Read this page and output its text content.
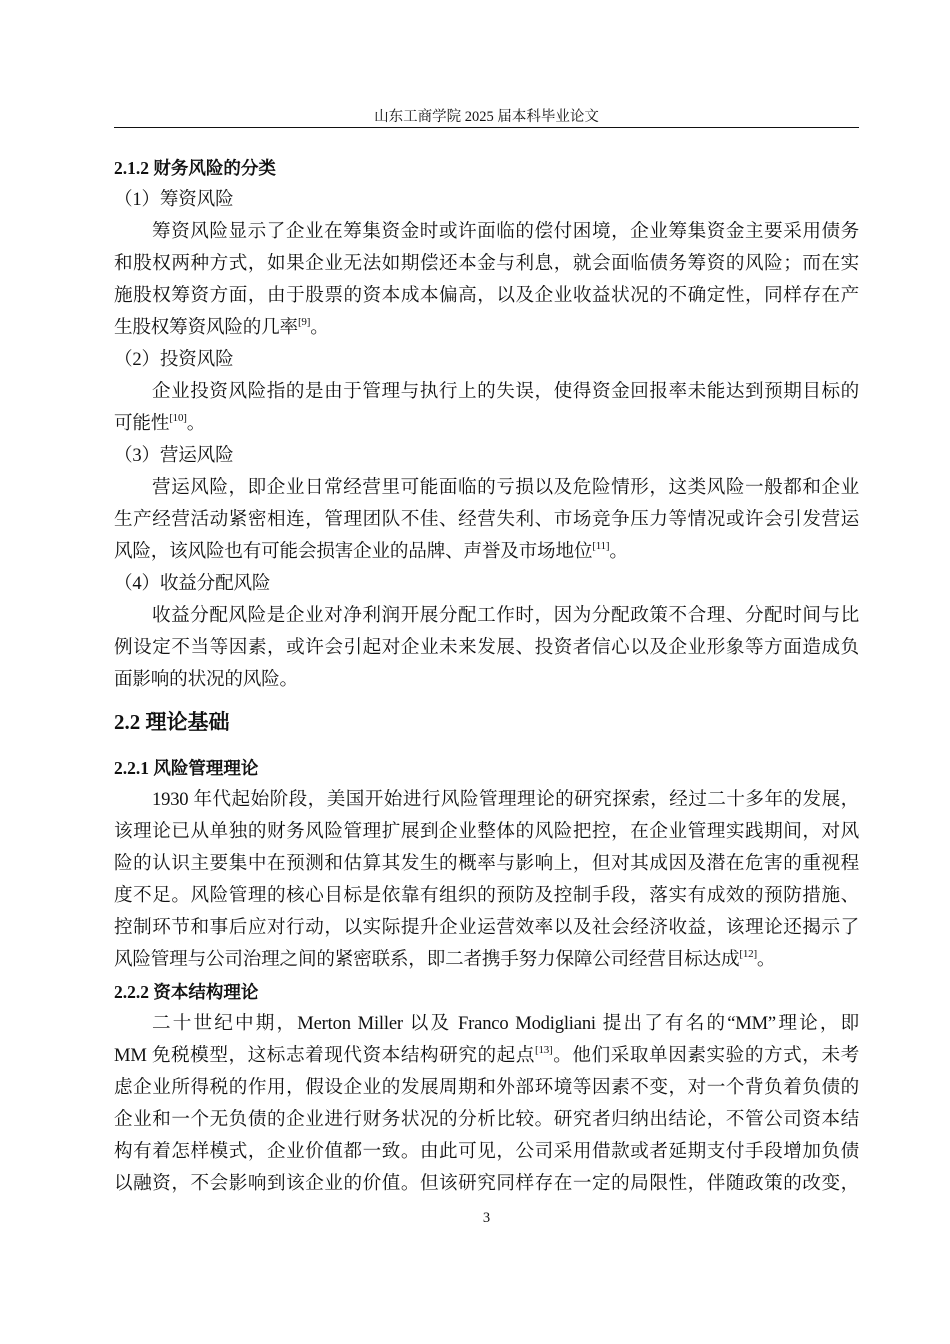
山东工商学院 2025 届本科毕业论文
2.1.2 财务风险的分类
（1）筹资风险
筹资风险显示了企业在筹集资金时或许面临的偿付困境，企业筹集资金主要采用债务
和股权两种方式，如果企业无法如期偿还本金与利息，就会面临债务筹资的风险；而在实
施股权筹资方面，由于股票的资本成本偏高，以及企业收益状况的不确定性，同样存在产
生股权筹资风险的几率[9]。
（2）投资风险
企业投资风险指的是由于管理与执行上的失误，使得资金回报率未能达到预期目标的
可能性[10]。
（3）营运风险
营运风险，即企业日常经营里可能面临的亏损以及危险情形，这类风险一般都和企业
生产经营活动紧密相连，管理团队不佳、经营失利、市场竞争压力等情况或许会引发营运
风险，该风险也有可能会损害企业的品牌、声誉及市场地位[11]。
（4）收益分配风险
收益分配风险是企业对净利润开展分配工作时，因为分配政策不合理、分配时间与比
例设定不当等因素，或许会引起对企业未来发展、投资者信心以及企业形象等方面造成负
面影响的状况的风险。
2.2 理论基础
2.2.1 风险管理理论
1930 年代起始阶段，美国开始进行风险管理理论的研究探索，经过二十多年的发展，
该理论已从单独的财务风险管理扩展到企业整体的风险把控，在企业管理实践期间，对风
险的认识主要集中在预测和估算其发生的概率与影响上，但对其成因及潜在危害的重视程
度不足。风险管理的核心目标是依靠有组织的预防及控制手段，落实有成效的预防措施、
控制环节和事后应对行动，以实际提升企业运营效率以及社会经济收益，该理论还揭示了
风险管理与公司治理之间的紧密联系，即二者携手努力保障公司经营目标达成[12]。
2.2.2 资本结构理论
二十世纪中期，Merton Miller 以及 Franco Modigliani 提出了有名的“MM”理论，即
MM 免税模型，这标志着现代资本结构研究的起点[13]。他们采取单因素实验的方式，未考
虑企业所得税的作用，假设企业的发展周期和外部环境等因素不变，对一个背负着负债的
企业和一个无负债的企业进行财务状况的分析比较。研究者归纳出结论，不管公司资本结
构有着怎样模式，企业价值都一致。由此可见，公司采用借款或者延期支付手段增加负债
以融资，不会影响到该企业的价值。但该研究同样存在一定的局限性，伴随政策的改变，
3
